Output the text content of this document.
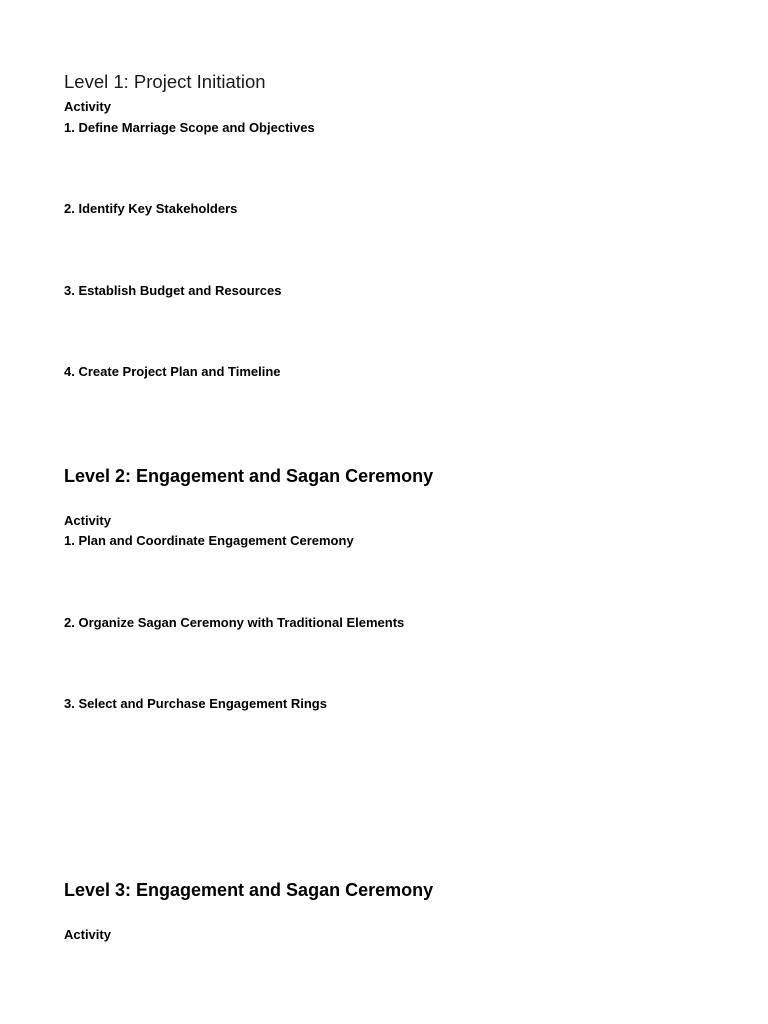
Level 1: Project Initiation
Activity
1. Define Marriage Scope and Objectives
2. Identify Key Stakeholders
3. Establish Budget and Resources
4. Create Project Plan and Timeline
Level 2: Engagement and Sagan Ceremony
Activity
1. Plan and Coordinate Engagement Ceremony
2. Organize Sagan Ceremony with Traditional Elements
3. Select and Purchase Engagement Rings
Level 3: Engagement and Sagan Ceremony
Activity
